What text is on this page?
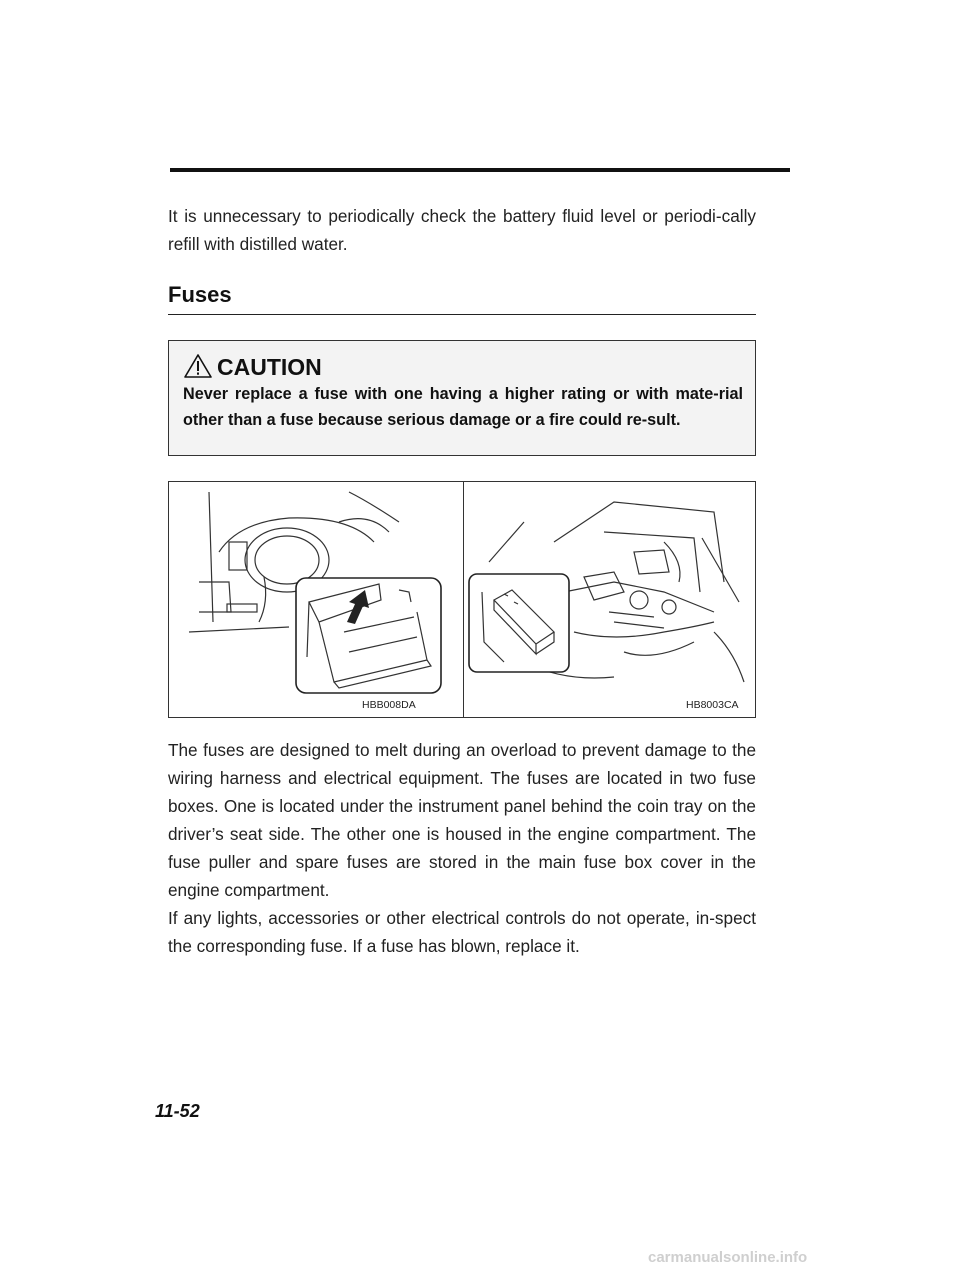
It is unnecessary to periodically check the battery fluid level or periodi-cally refill with distilled water.
Fuses
CAUTION
Never replace a fuse with one having a higher rating or with mate-rial other than a fuse because serious damage or a fire could re-sult.
HBB008DA	HB8003CA

The fuses are designed to melt during an overload to prevent damage to the wiring harness and electrical equipment. The fuses are located in two fuse boxes. One is located under the instrument panel behind the coin tray on the driver’s seat side. The other one is housed in the engine compartment. The fuse puller and spare fuses are stored in the main fuse box cover in the engine compartment.

If any lights, accessories or other electrical controls do not operate, in-spect the corresponding fuse. If a fuse has blown, replace it.

11-52
carmanualsonline.info
